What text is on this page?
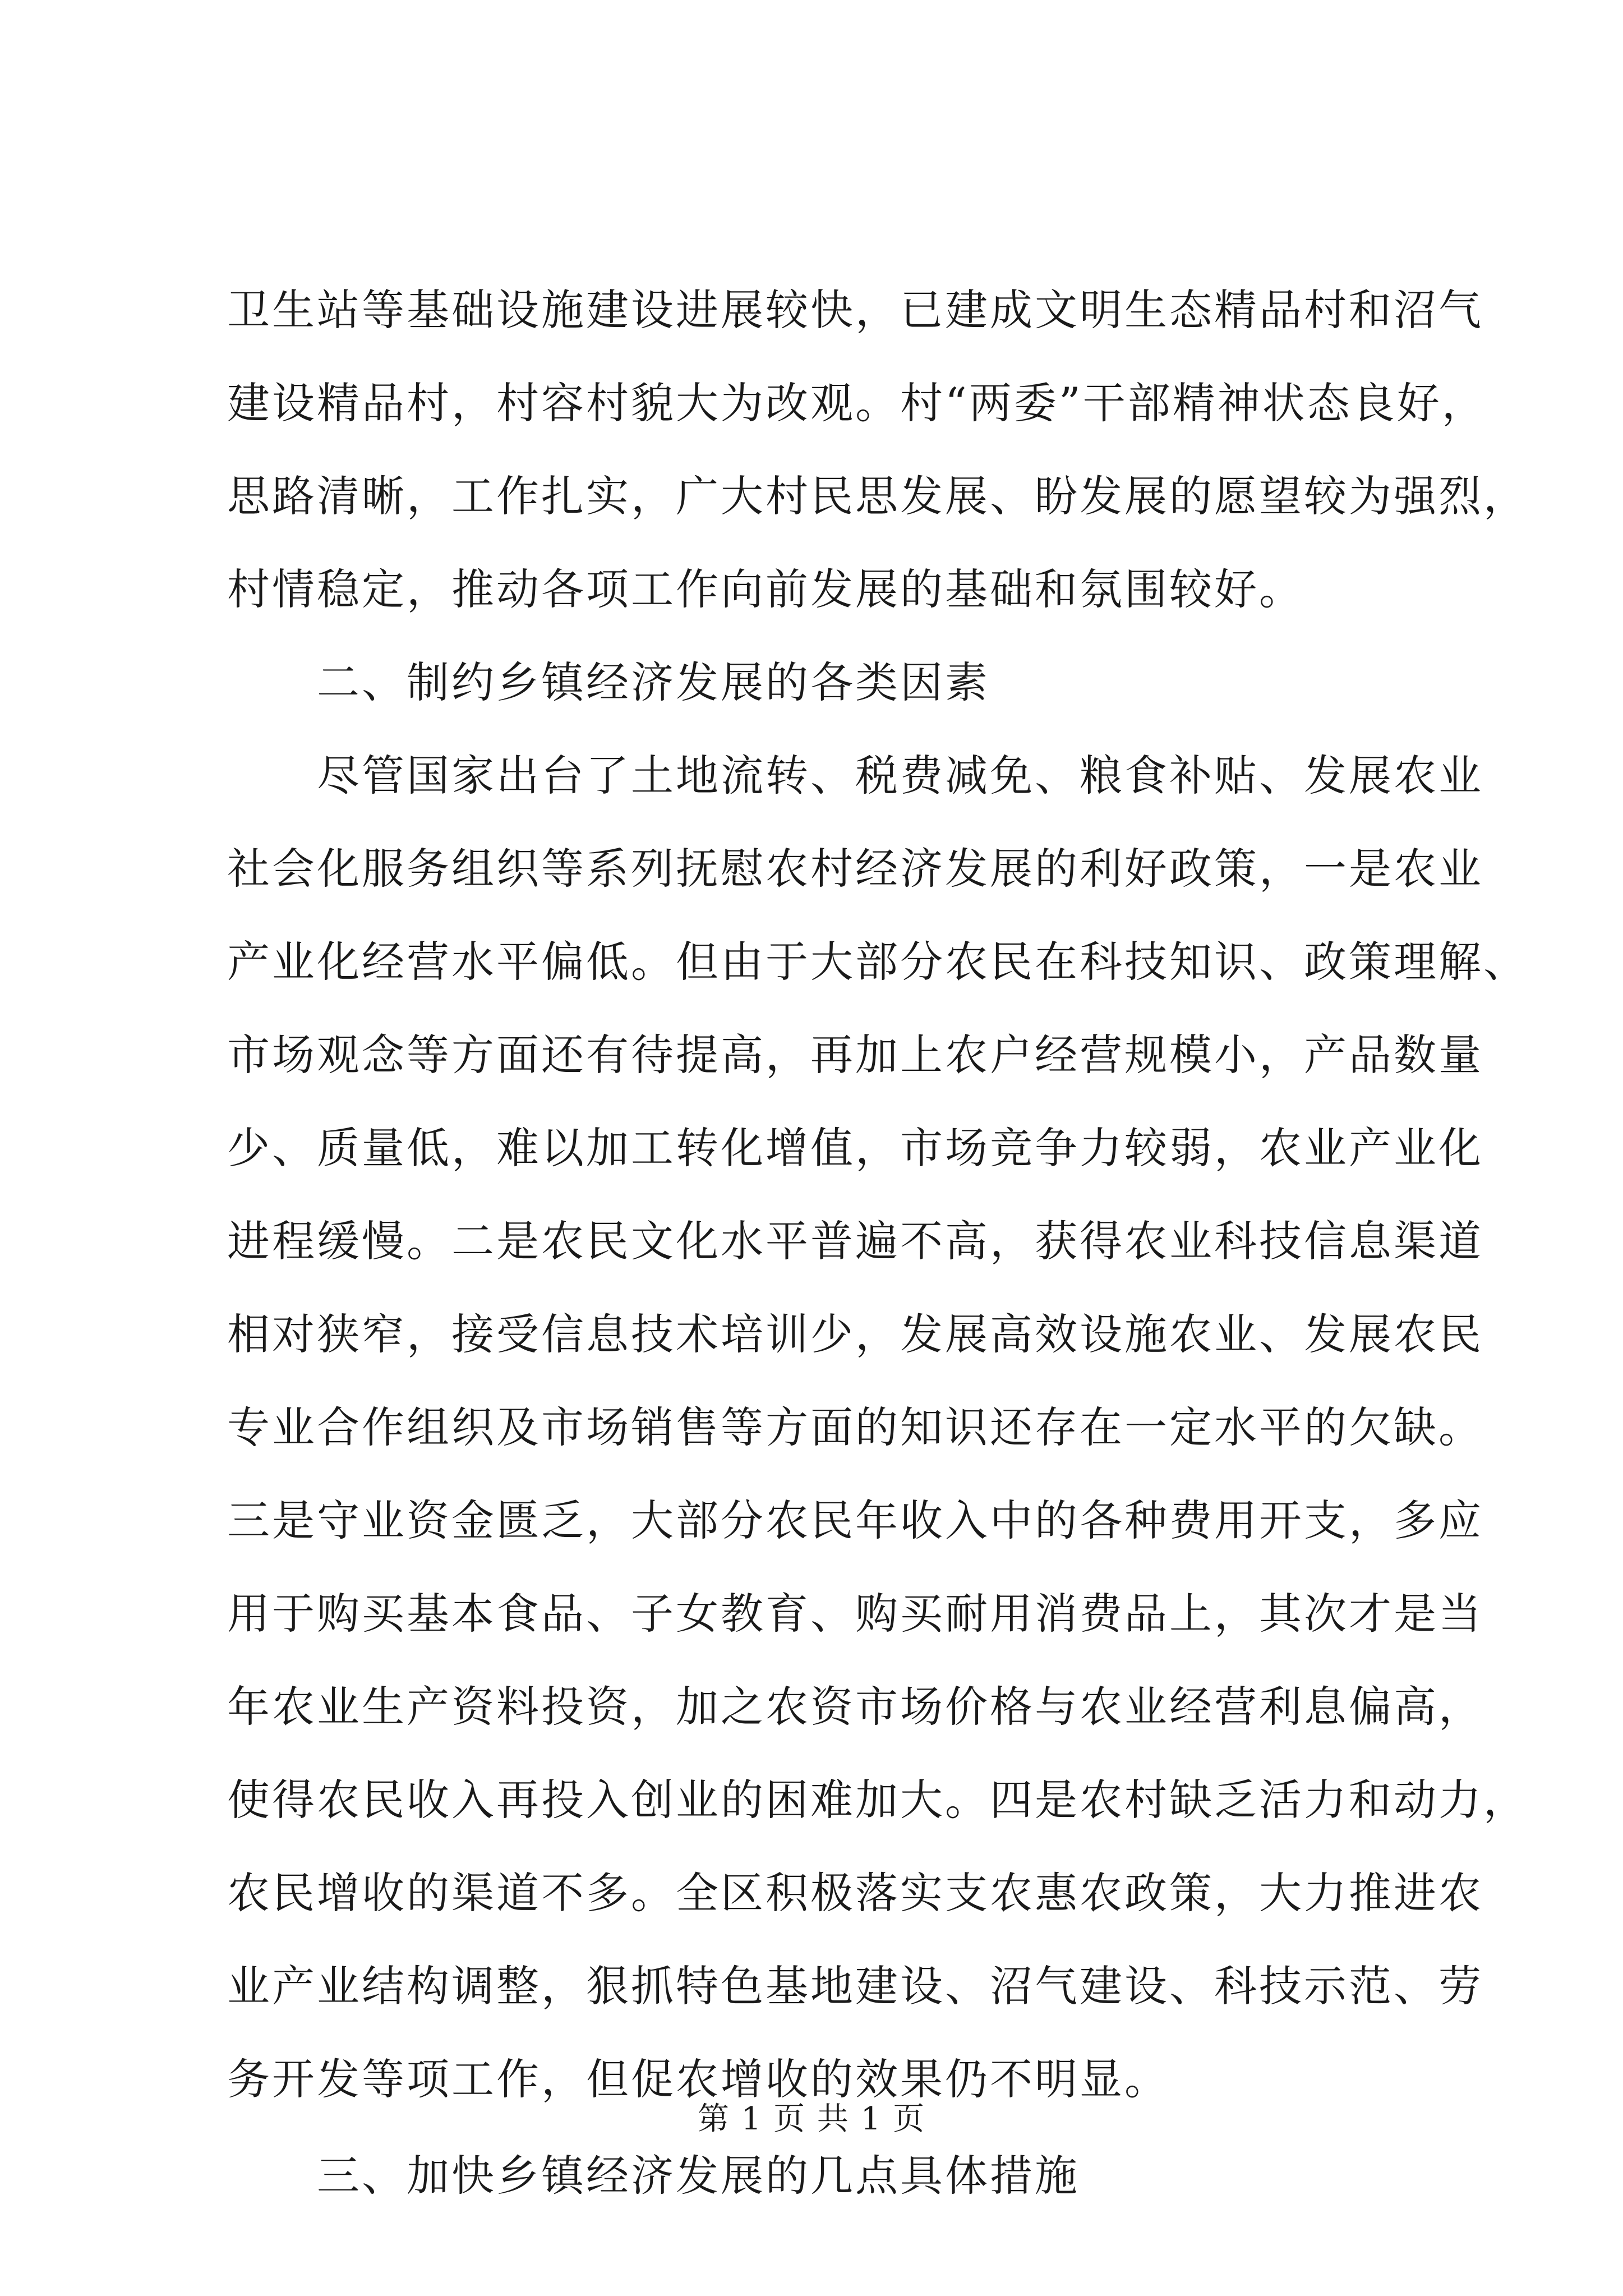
卫生站等基础设施建设进展较快，已建成文明生态精品村和沼气
建设精品村，村容村貌大为改观。村“两委”干部精神状态良好，
思路清晰，工作扎实，广大村民思发展、盼发展的愿望较为强烈，
村情稳定，推动各项工作向前发展的基础和氛围较好。
二、制约乡镇经济发展的各类因素
尽管国家出台了土地流转、税费减免、粮食补贴、发展农业
社会化服务组织等系列抚慰农村经济发展的利好政策，一是农业
产业化经营水平偏低。但由于大部分农民在科技知识、政策理解、
市场观念等方面还有待提高，再加上农户经营规模小，产品数量
少、质量低，难以加工转化增值，市场竞争力较弱，农业产业化
进程缓慢。二是农民文化水平普遍不高，获得农业科技信息渠道
相对狭窄，接受信息技术培训少，发展高效设施农业、发展农民
专业合作组织及市场销售等方面的知识还存在一定水平的欠缺。
三是守业资金匮乏，大部分农民年收入中的各种费用开支，多应
用于购买基本食品、子女教育、购买耐用消费品上，其次才是当
年农业生产资料投资，加之农资市场价格与农业经营利息偏高，
使得农民收入再投入创业的困难加大。四是农村缺乏活力和动力，
农民增收的渠道不多。全区积极落实支农惠农政策，大力推进农
业产业结构调整，狠抓特色基地建设、沼气建设、科技示范、劳
务开发等项工作，但促农增收的效果仍不明显。
三、加快乡镇经济发展的几点具体措施
第 1 页 共 1 页
